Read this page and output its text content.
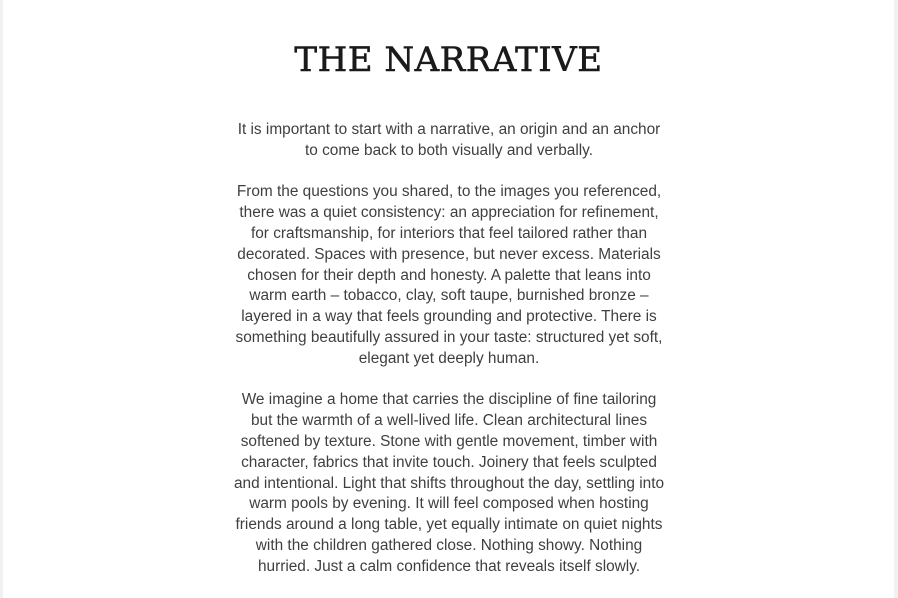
THE NARRATIVE

It is important to start with a narrative, an origin and an anchor
to come back to both visually and verbally.

From the questions you shared, to the images you referenced,
there was a quiet consistency: an appreciation for refinement,
for craftsmanship, for interiors that feel tailored rather than
decorated. Spaces with presence, but never excess. Materials
chosen for their depth and honesty. A palette that leans into
warm earth – tobacco, clay, soft taupe, burnished bronze –
layered in a way that feels grounding and protective. There is
something beautifully assured in your taste: structured yet soft,
elegant yet deeply human.

We imagine a home that carries the discipline of fine tailoring
but the warmth of a well-lived life. Clean architectural lines
softened by texture. Stone with gentle movement, timber with
character, fabrics that invite touch. Joinery that feels sculpted
and intentional. Light that shifts throughout the day, settling into
warm pools by evening. It will feel composed when hosting
friends around a long table, yet equally intimate on quiet nights
with the children gathered close. Nothing showy. Nothing
hurried. Just a calm confidence that reveals itself slowly.
